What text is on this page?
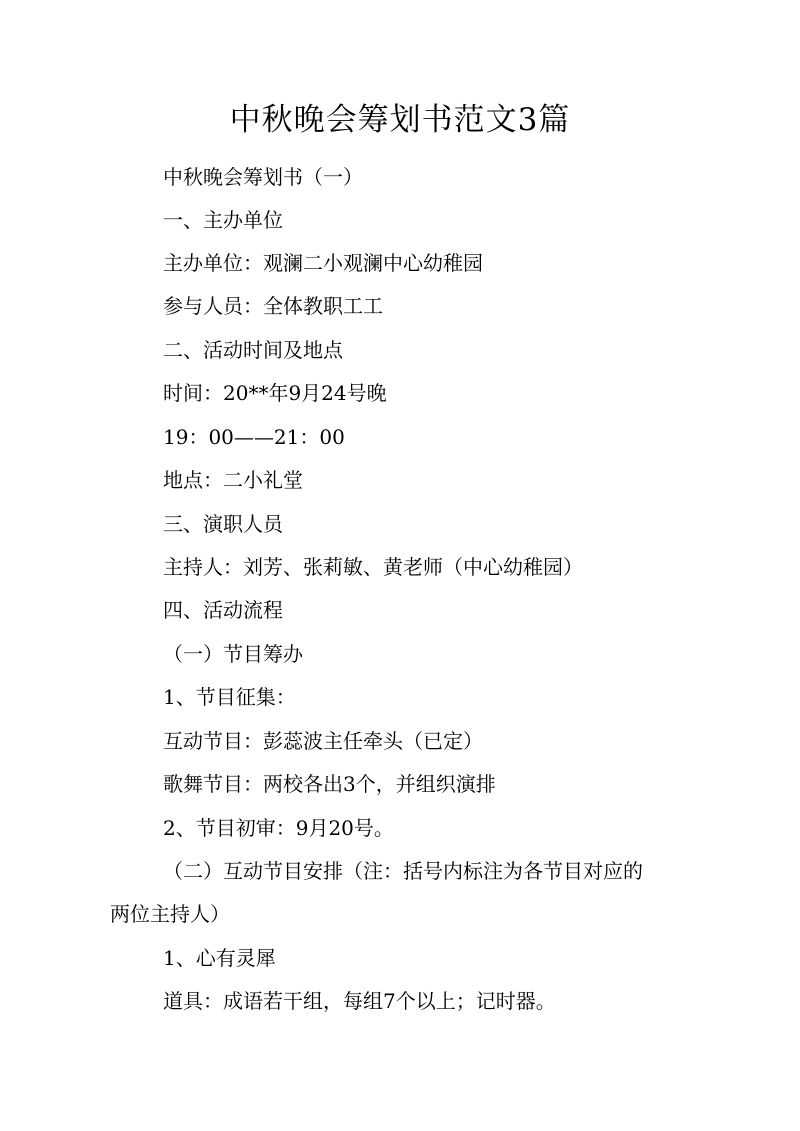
中秋晚会筹划书范文3篇
中秋晚会筹划书（一）
一、主办单位
主办单位：观澜二小观澜中心幼稚园
参与人员：全体教职工工
二、活动时间及地点
时间：20**年9月24号晚
19：00——21：00
地点：二小礼堂
三、演职人员
主持人：刘芳、张莉敏、黄老师（中心幼稚园）
四、活动流程
（一）节目筹办
1、节目征集：
互动节目：彭蕊波主任牵头（已定）
歌舞节目：两校各出3个，并组织演排
2、节目初审：9月20号。
（二）互动节目安排（注：括号内标注为各节目对应的
两位主持人）
1、心有灵犀
道具：成语若干组，每组7个以上；记时器。
